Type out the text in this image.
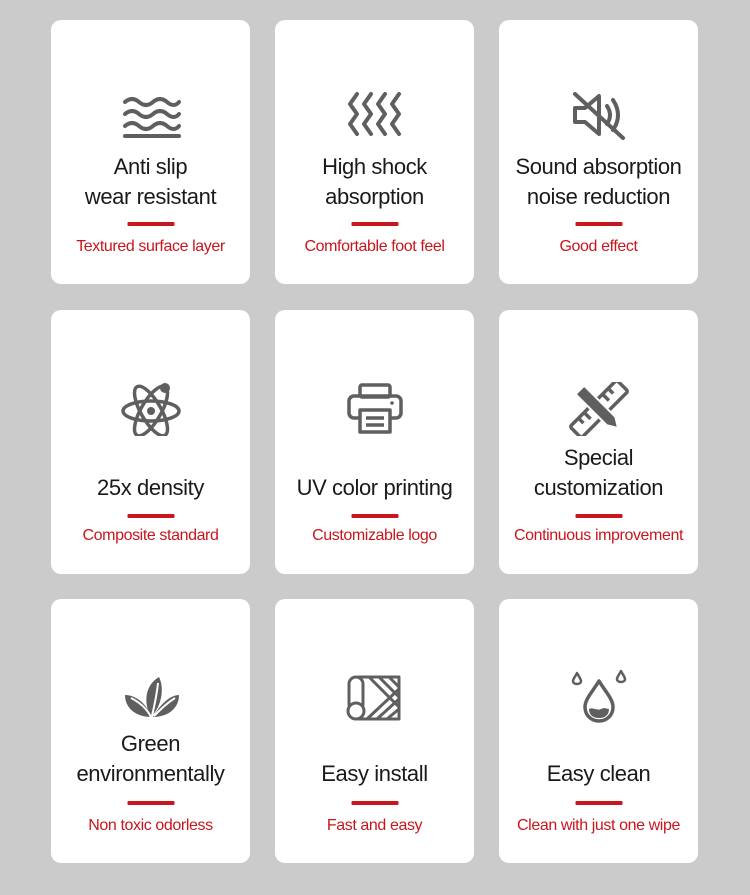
Anti slip
wear resistant
Textured surface layer
High shock
absorption
Comfortable foot feel
Sound absorption
noise reduction
Good effect
25x density
Composite standard
UV color printing
Customizable logo
Special
customization
Continuous improvement
Green
environmentally
Non toxic odorless
Easy install
Fast and easy
Easy clean
Clean with just one wipe
